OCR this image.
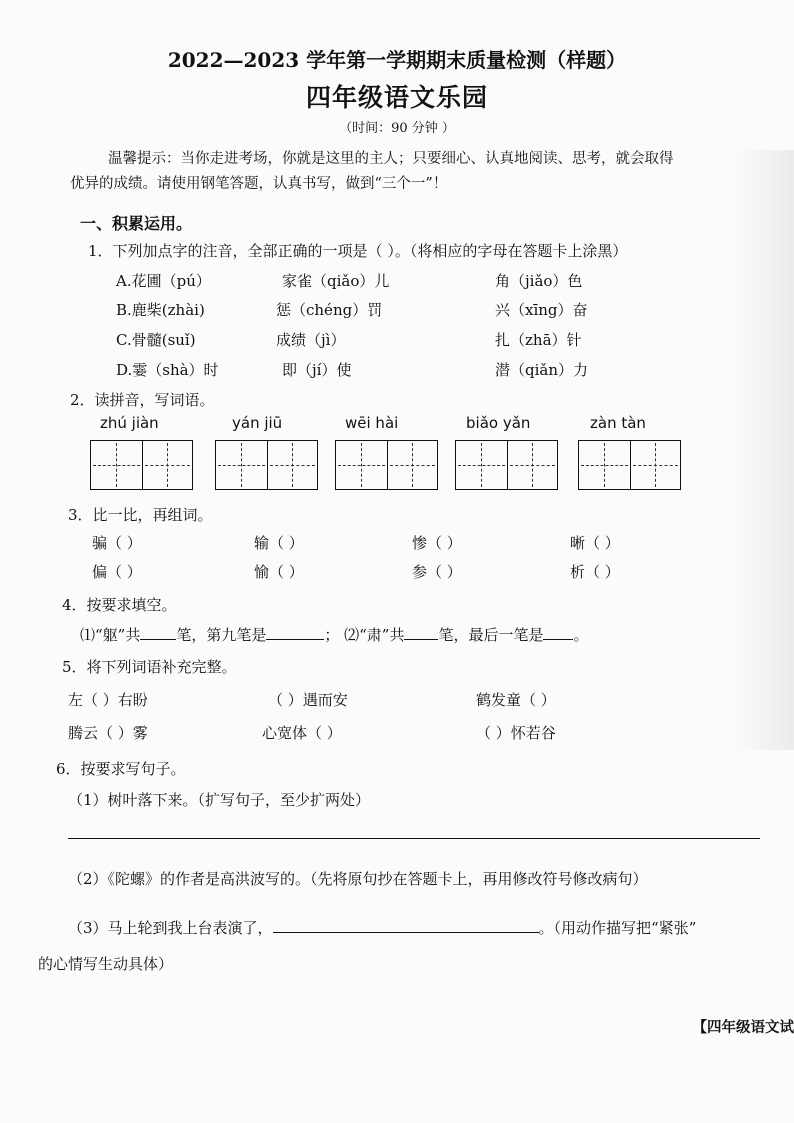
2022—2023 学年第一学期期末质量检测（样题）
四年级语文乐园
（时间：90 分钟 ）
温馨提示：当你走进考场，你就是这里的主人；只要细心、认真地阅读、思考，就会取得
优异的成绩。请使用钢笔答题，认真书写，做到“三个一”！
一、积累运用。
1．下列加点字的注音，全部正确的一项是（ ）。（将相应的字母在答题卡上涂黑）
A.花圃（pú）	家雀（qiǎo）儿	角（jiǎo）色
B.鹿柴(zhài)	惩（chéng）罚	兴（xīng）奋
C.骨髓(suǐ)	成绩（jì）	扎（zhā）针
D.霎（shà）时	即（jí）使	潜（qiǎn）力
2．读拼音，写词语。
zhú jiàn	yán jiū	wēi hài	biǎo yǎn	zàn tàn
3．比一比，再组词。
骗（ ）	输（ ）	惨（ ）	晰（ ）
偏（ ）	愉（ ）	参（ ）	析（ ）
4．按要求填空。
⑴“躯”共 笔，第九笔是	； ⑵“肃”共 笔，最后一笔是 。
5．将下列词语补充完整。
左（ ）右盼	（ ）遇而安	鹤发童（ ）
腾云（ ）雾	心宽体（ ）	（ ）怀若谷
6．按要求写句子。
（1）树叶落下来。（扩写句子，至少扩两处）
（2）《陀螺》的作者是高洪波写的。（先将原句抄在答题卡上，再用修改符号修改病句）
（3）马上轮到我上台表演了，	。（用动作描写把“紧张”
的心情写生动具体）
【四年级语文试
